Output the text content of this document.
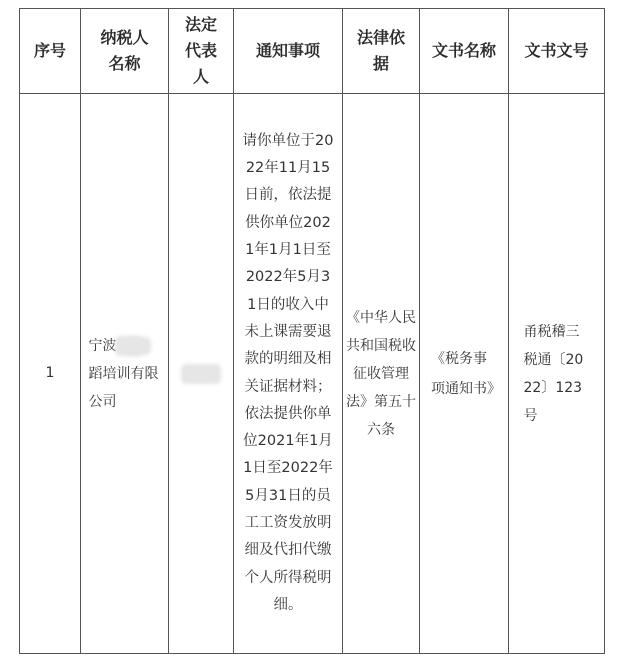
序号	纳税人名称	法定代表人	通知事项	法律依据	文书名称	文书文号
1	宁波蹈培训有限公司		请你单位于2022年11月15日前，依法提供你单位2021年1月1日至2022年5月31日的收入中未上课需要退款的明细及相关证据材料；依法提供你单位2021年1月1日至2022年5月31日的员工工资发放明细及代扣代缴个人所得税明细。	《中华人民共和国税收征收管理法》第五十六条	《税务事项通知书》	甬税稽三税通〔2022〕123 号
